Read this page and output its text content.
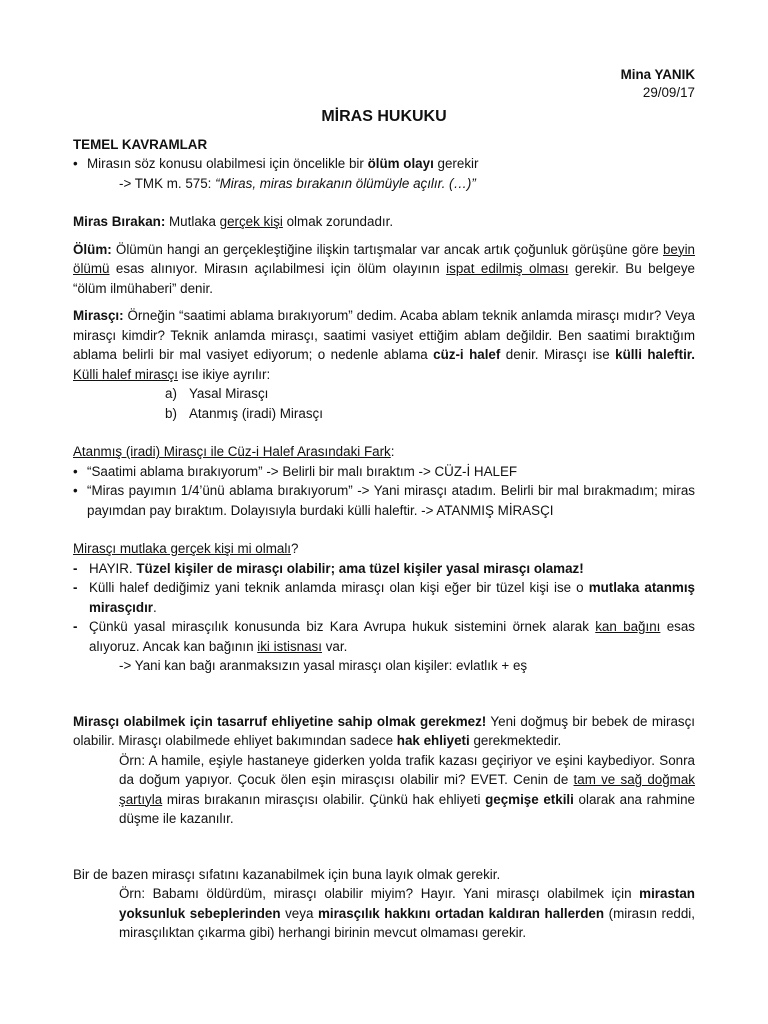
Mina YANIK
29/09/17
MİRAS HUKUKU
TEMEL KAVRAMLAR
• Mirasın söz konusu olabilmesi için öncelikle bir ölüm olayı gerekir
-> TMK m. 575: “Miras, miras bırakanın ölümüyle açılır. (…)”

Miras Bırakan: Mutlaka gerçek kişi olmak zorundadır.

Ölüm: Ölümün hangi an gerçekleştiğine ilişkin tartışmalar var ancak artık çoğunluk görüşüne göre beyin ölümü esas alınıyor. Mirasın açılabilmesi için ölüm olayının ispat edilmiş olması gerekir. Bu belgeye “ölüm ilmühaberi” denir.

Mirasçı: Örneğin “saatimi ablama bırakıyorum” dedim. Acaba ablam teknik anlamda mirasçı mıdır? Veya mirasçı kimdir? Teknik anlamda mirasçı, saatimi vasiyet ettiğim ablam değildir. Ben saatimi bıraktığım ablama belirli bir mal vasiyet ediyorum; o nedenle ablama cüz-i halef denir. Mirasçı ise külli haleftir. Külli halef mirasçı ise ikiye ayrılır:

a) Yasal Mirasçı
b) Atanmış (iradi) Mirasçı
Atanmış (iradi) Mirasçı ile Cüz-i Halef Arasındaki Fark:
• “Saatimi ablama bırakıyorum” -> Belirli bir malı bıraktım -> CÜZ-İ HALEF
• “Miras payımın 1/4’ünü ablama bırakıyorum” -> Yani mirasçı atadım. Belirli bir mal bırakmadım; miras payımdan pay bıraktım. Dolayısıyla burdaki külli haleftir. -> ATANMIŞ MİRASÇI
Mirasçı mutlaka gerçek kişi mi olmalı?
- HAYIR. Tüzel kişiler de mirasçı olabilir; ama tüzel kişiler yasal mirasçı olamaz!
- Külli halef dediğimiz yani teknik anlamda mirasçı olan kişi eğer bir tüzel kişi ise o mutlaka atanmış mirasçıdır.
- Çünkü yasal mirasçılık konusunda biz Kara Avrupa hukuk sistemini örnek alarak kan bağını esas alıyoruz. Ancak kan bağının iki istisnası var.
-> Yani kan bağı aranmaksızın yasal mirasçı olan kişiler: evlatlık + eş

Mirasçı olabilmek için tasarruf ehliyetine sahip olmak gerekmez! Yeni doğmuş bir bebek de mirasçı olabilir. Mirasçı olabilmede ehliyet bakımından sadece hak ehliyeti gerekmektedir.

Örn: A hamile, eşiyle hastaneye giderken yolda trafik kazası geçiriyor ve eşini kaybediyor. Sonra da doğum yapıyor. Çocuk ölen eşin mirasçısı olabilir mi? EVET. Cenin de tam ve sağ doğmak şartıyla miras bırakanın mirasçısı olabilir. Çünkü hak ehliyeti geçmişe etkili olarak ana rahmine düşme ile kazanılır.

Bir de bazen mirasçı sıfatını kazanabilmek için buna layık olmak gerekir.

Örn: Babamı öldürdüm, mirasçı olabilir miyim? Hayır. Yani mirasçı olabilmek için mirastan yoksunluk sebeplerinden veya mirasçılık hakkını ortadan kaldıran hallerden (mirasın reddi, mirasçılıktan çıkarma gibi) herhangi birinin mevcut olmaması gerekir.
